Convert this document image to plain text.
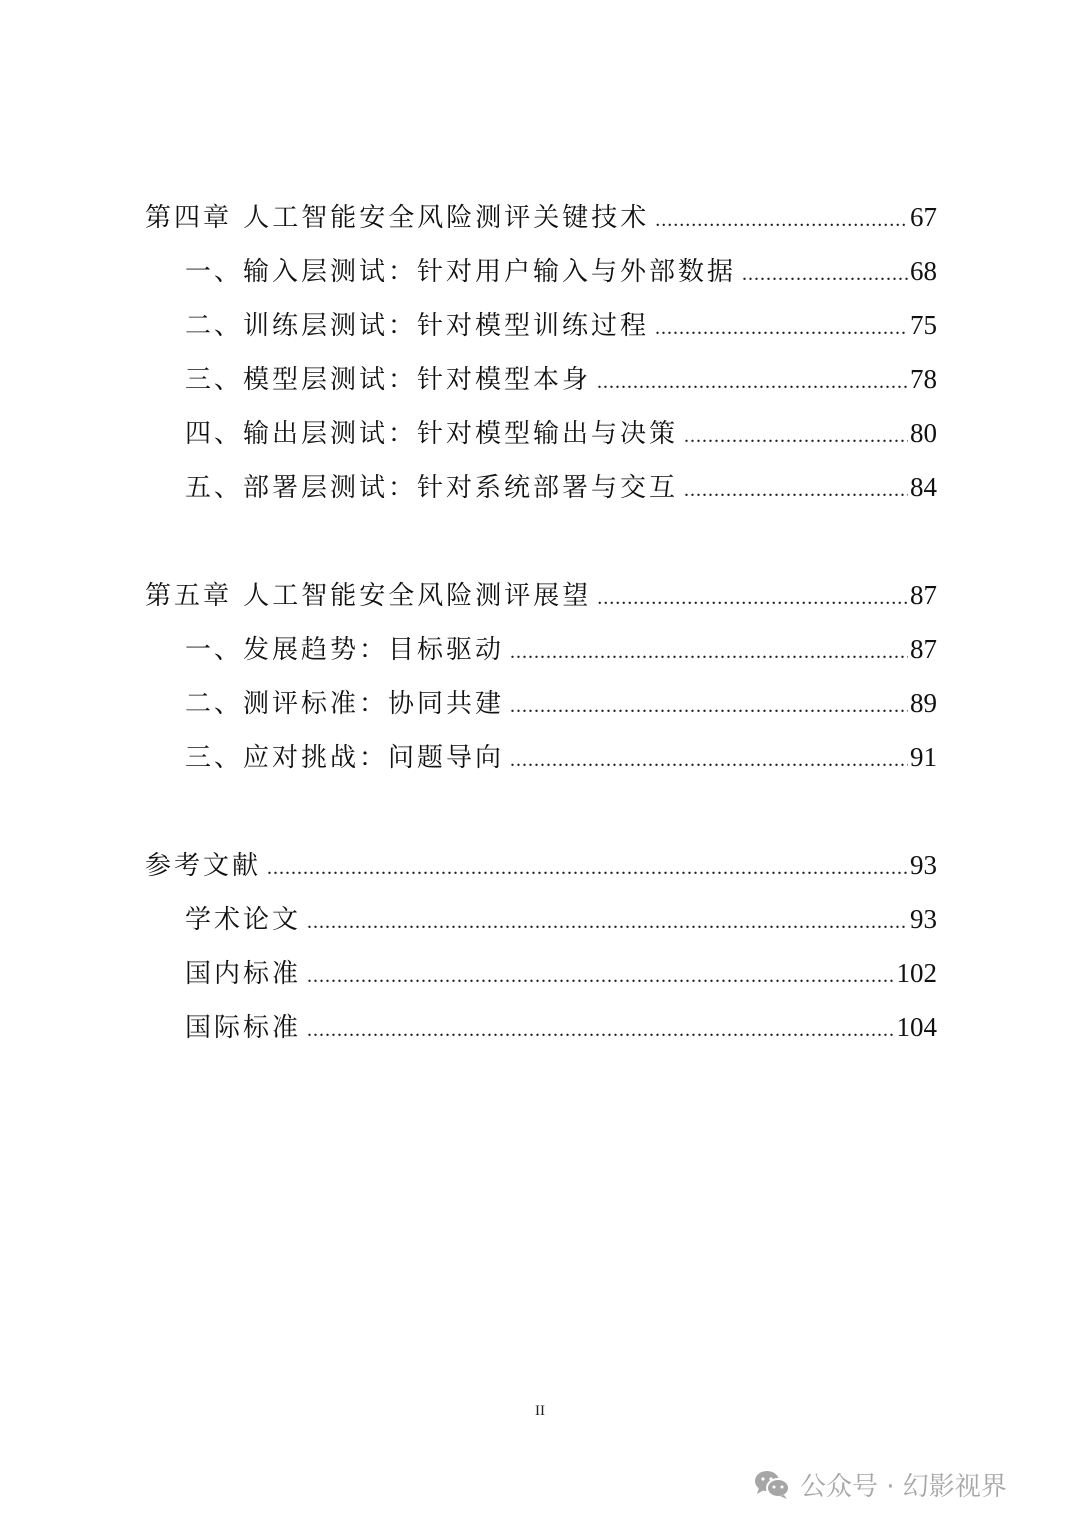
第四章 人工智能安全风险测评关键技术 .....	67
一、输入层测试：针对用户输入与外部数据 .....	68
二、训练层测试：针对模型训练过程 .....	75
三、模型层测试：针对模型本身 .....	78
四、输出层测试：针对模型输出与决策 .....	80
五、部署层测试：针对系统部署与交互 .....	84
第五章 人工智能安全风险测评展望 .....	87
一、发展趋势：目标驱动 .....	87
二、测评标准：协同共建 .....	89
三、应对挑战：问题导向 .....	91
参考文献 .....	93
学术论文 .....	93
国内标准 .....	102
国际标准 .....	104
II
公众号 · 幻影视界
